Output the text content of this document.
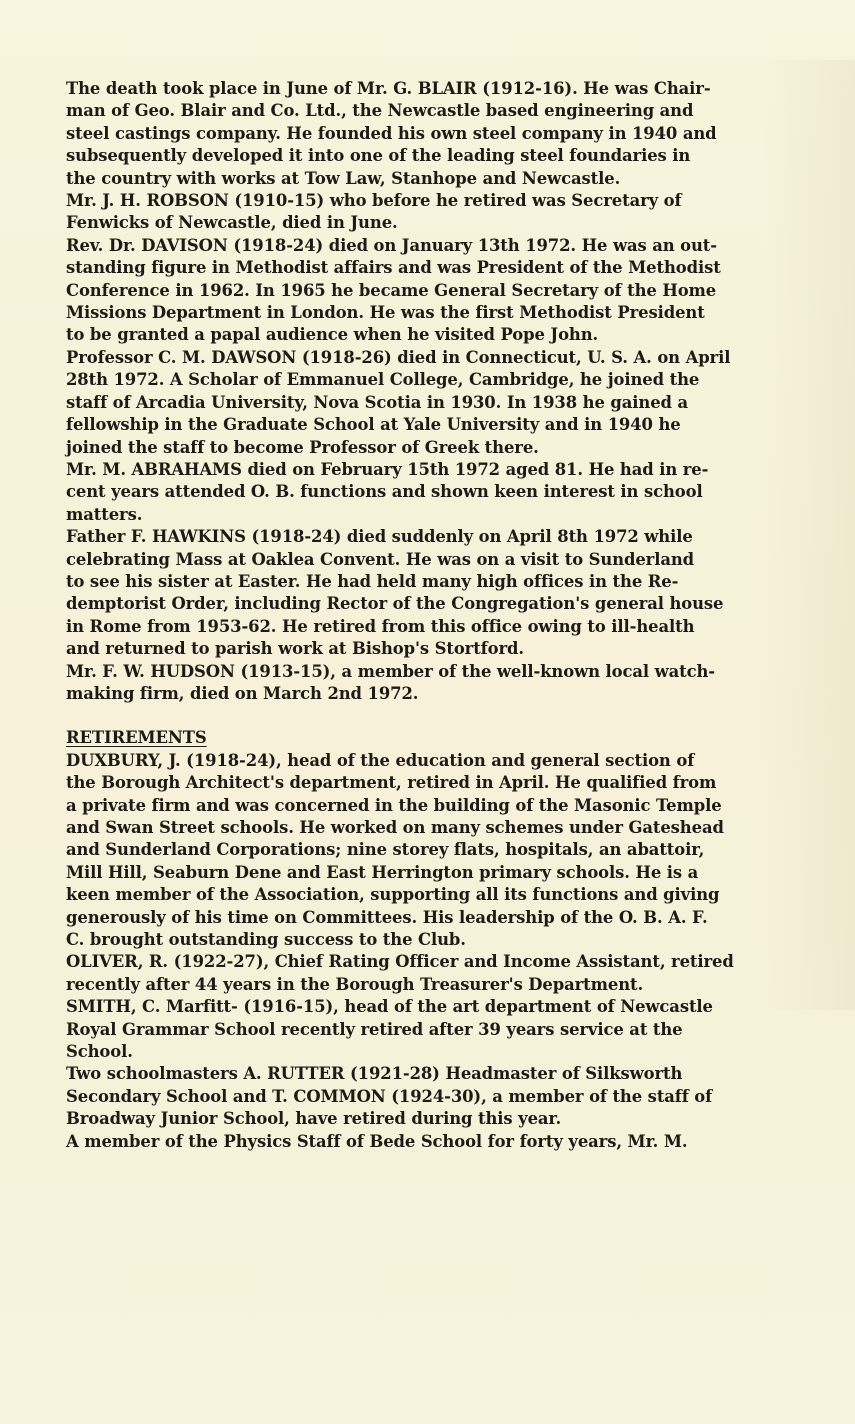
The death took place in June of Mr. G. BLAIR (1912-16). He was Chair-
man of Geo. Blair and Co. Ltd., the Newcastle based engineering and
steel castings company. He founded his own steel company in 1940 and
subsequently developed it into one of the leading steel foundaries in
the country with works at Tow Law, Stanhope and Newcastle.
Mr. J. H. ROBSON (1910-15) who before he retired was Secretary of
Fenwicks of Newcastle, died in June.
Rev. Dr. DAVISON (1918-24) died on January 13th 1972. He was an out-
standing figure in Methodist affairs and was President of the Methodist
Conference in 1962. In 1965 he became General Secretary of the Home
Missions Department in London. He was the first Methodist President
to be granted a papal audience when he visited Pope John.
Professor C. M. DAWSON (1918-26) died in Connecticut, U. S. A. on April
28th 1972. A Scholar of Emmanuel College, Cambridge, he joined the
staff of Arcadia University, Nova Scotia in 1930. In 1938 he gained a
fellowship in the Graduate School at Yale University and in 1940 he
joined the staff to become Professor of Greek there.
Mr. M. ABRAHAMS died on February 15th 1972 aged 81. He had in re-
cent years attended O. B. functions and shown keen interest in school
matters.
Father F. HAWKINS (1918-24) died suddenly on April 8th 1972 while
celebrating Mass at Oaklea Convent. He was on a visit to Sunderland
to see his sister at Easter. He had held many high offices in the Re-
demptorist Order, including Rector of the Congregation's general house
in Rome from 1953-62. He retired from this office owing to ill-health
and returned to parish work at Bishop's Stortford.
Mr. F. W. HUDSON (1913-15), a member of the well-known local watch-
making firm, died on March 2nd 1972.
RETIREMENTS
DUXBURY, J. (1918-24), head of the education and general section of
the Borough Architect's department, retired in April. He qualified from
a private firm and was concerned in the building of the Masonic Temple
and Swan Street schools. He worked on many schemes under Gateshead
and Sunderland Corporations; nine storey flats, hospitals, an abattoir,
Mill Hill, Seaburn Dene and East Herrington primary schools. He is a
keen member of the Association, supporting all its functions and giving
generously of his time on Committees. His leadership of the O. B. A. F.
C. brought outstanding success to the Club.
OLIVER, R. (1922-27), Chief Rating Officer and Income Assistant, retired
recently after 44 years in the Borough Treasurer's Department.
SMITH, C. Marfitt- (1916-15), head of the art department of Newcastle
Royal Grammar School recently retired after 39 years service at the
School.
Two schoolmasters A. RUTTER (1921-28) Headmaster of Silksworth
Secondary School and T. COMMON (1924-30), a member of the staff of
Broadway Junior School, have retired during this year.
A member of the Physics Staff of Bede School for forty years, Mr. M.
